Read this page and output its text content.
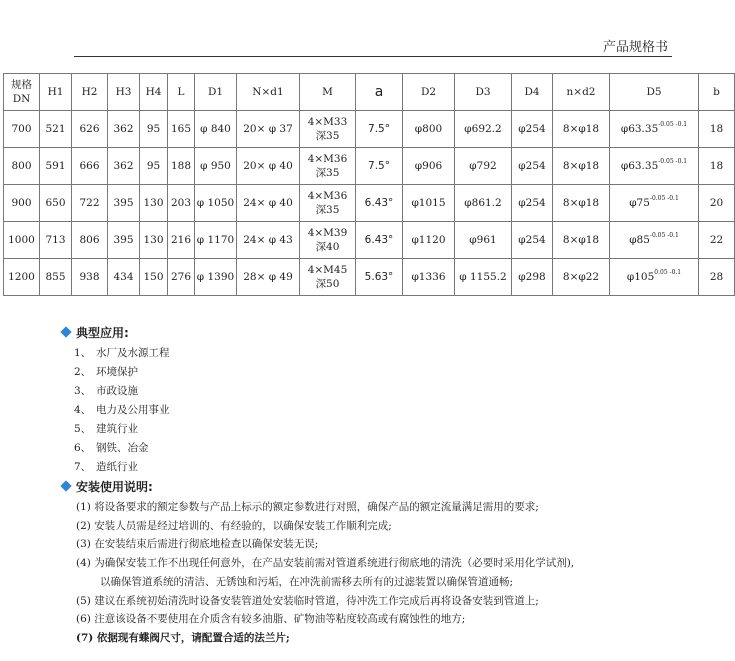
产品规格书
规格DN	H1	H2	H3	H4	L	D1	N×d1	M	a	D2	D3	D4	n×d2	D5	b
700	521	626	362	95	165	φ 840	20× φ 37	4×M33 深35	7.5°	φ800	φ692.2	φ254	8×φ18	$\varphi 63.35^{-0.05 -0.1}$	18
800	591	666	362	95	188	φ 950	20× φ 40	4×M36 深35	7.5°	φ906	φ792	φ254	8×φ18	$\varphi 63.35^{-0.05 -0.1}$	18
900	650	722	395	130	203	φ 1050	24× φ 40	4×M36 深35	6.43°	φ1015	φ861.2	φ254	8×φ18	$\varphi 75^{-0.05 -0.1}$	20
1000	713	806	395	130	216	φ 1170	24× φ 43	4×M39 深40	6.43°	φ1120	φ961	φ254	8×φ18	$\varphi 85^{-0.05 -0.1}$	22
1200	855	938	434	150	276	φ 1390	28× φ 49	4×M45 深50	5.63°	φ1336	φ 1155.2	φ298	8×φ22	$\varphi 105^{0.05 -0.1}$	28
典型应用:
1、 水厂及水源工程
2、 环境保护
3、 市政设施
4、 电力及公用事业
5、 建筑行业
6、 钢铁、冶金
7、 造纸行业
安装使用说明:
(1) 将设备要求的额定参数与产品上标示的额定参数进行对照，确保产品的额定流量满足需用的要求;
(2) 安装人员需是经过培训的、有经验的，以确保安装工作顺利完成;
(3) 在安装结束后需进行彻底地检查以确保安装无误;
(4) 为确保安装工作不出现任何意外，在产品安装前需对管道系统进行彻底地的清洗（必要时采用化学试剂),
以确保管道系统的清洁、无锈蚀和污垢，在冲洗前需移去所有的过滤装置以确保管道通畅;
(5) 建议在系统初始清洗时设备安装管道处安装临时管道，待冲洗工作完成后再将设备安装到管道上;
(6) 注意该设备不要使用在介质含有较多油脂、矿物油等粘度较高或有腐蚀性的地方;
(7) 依据现有蝶阀尺寸，请配置合适的法兰片;
